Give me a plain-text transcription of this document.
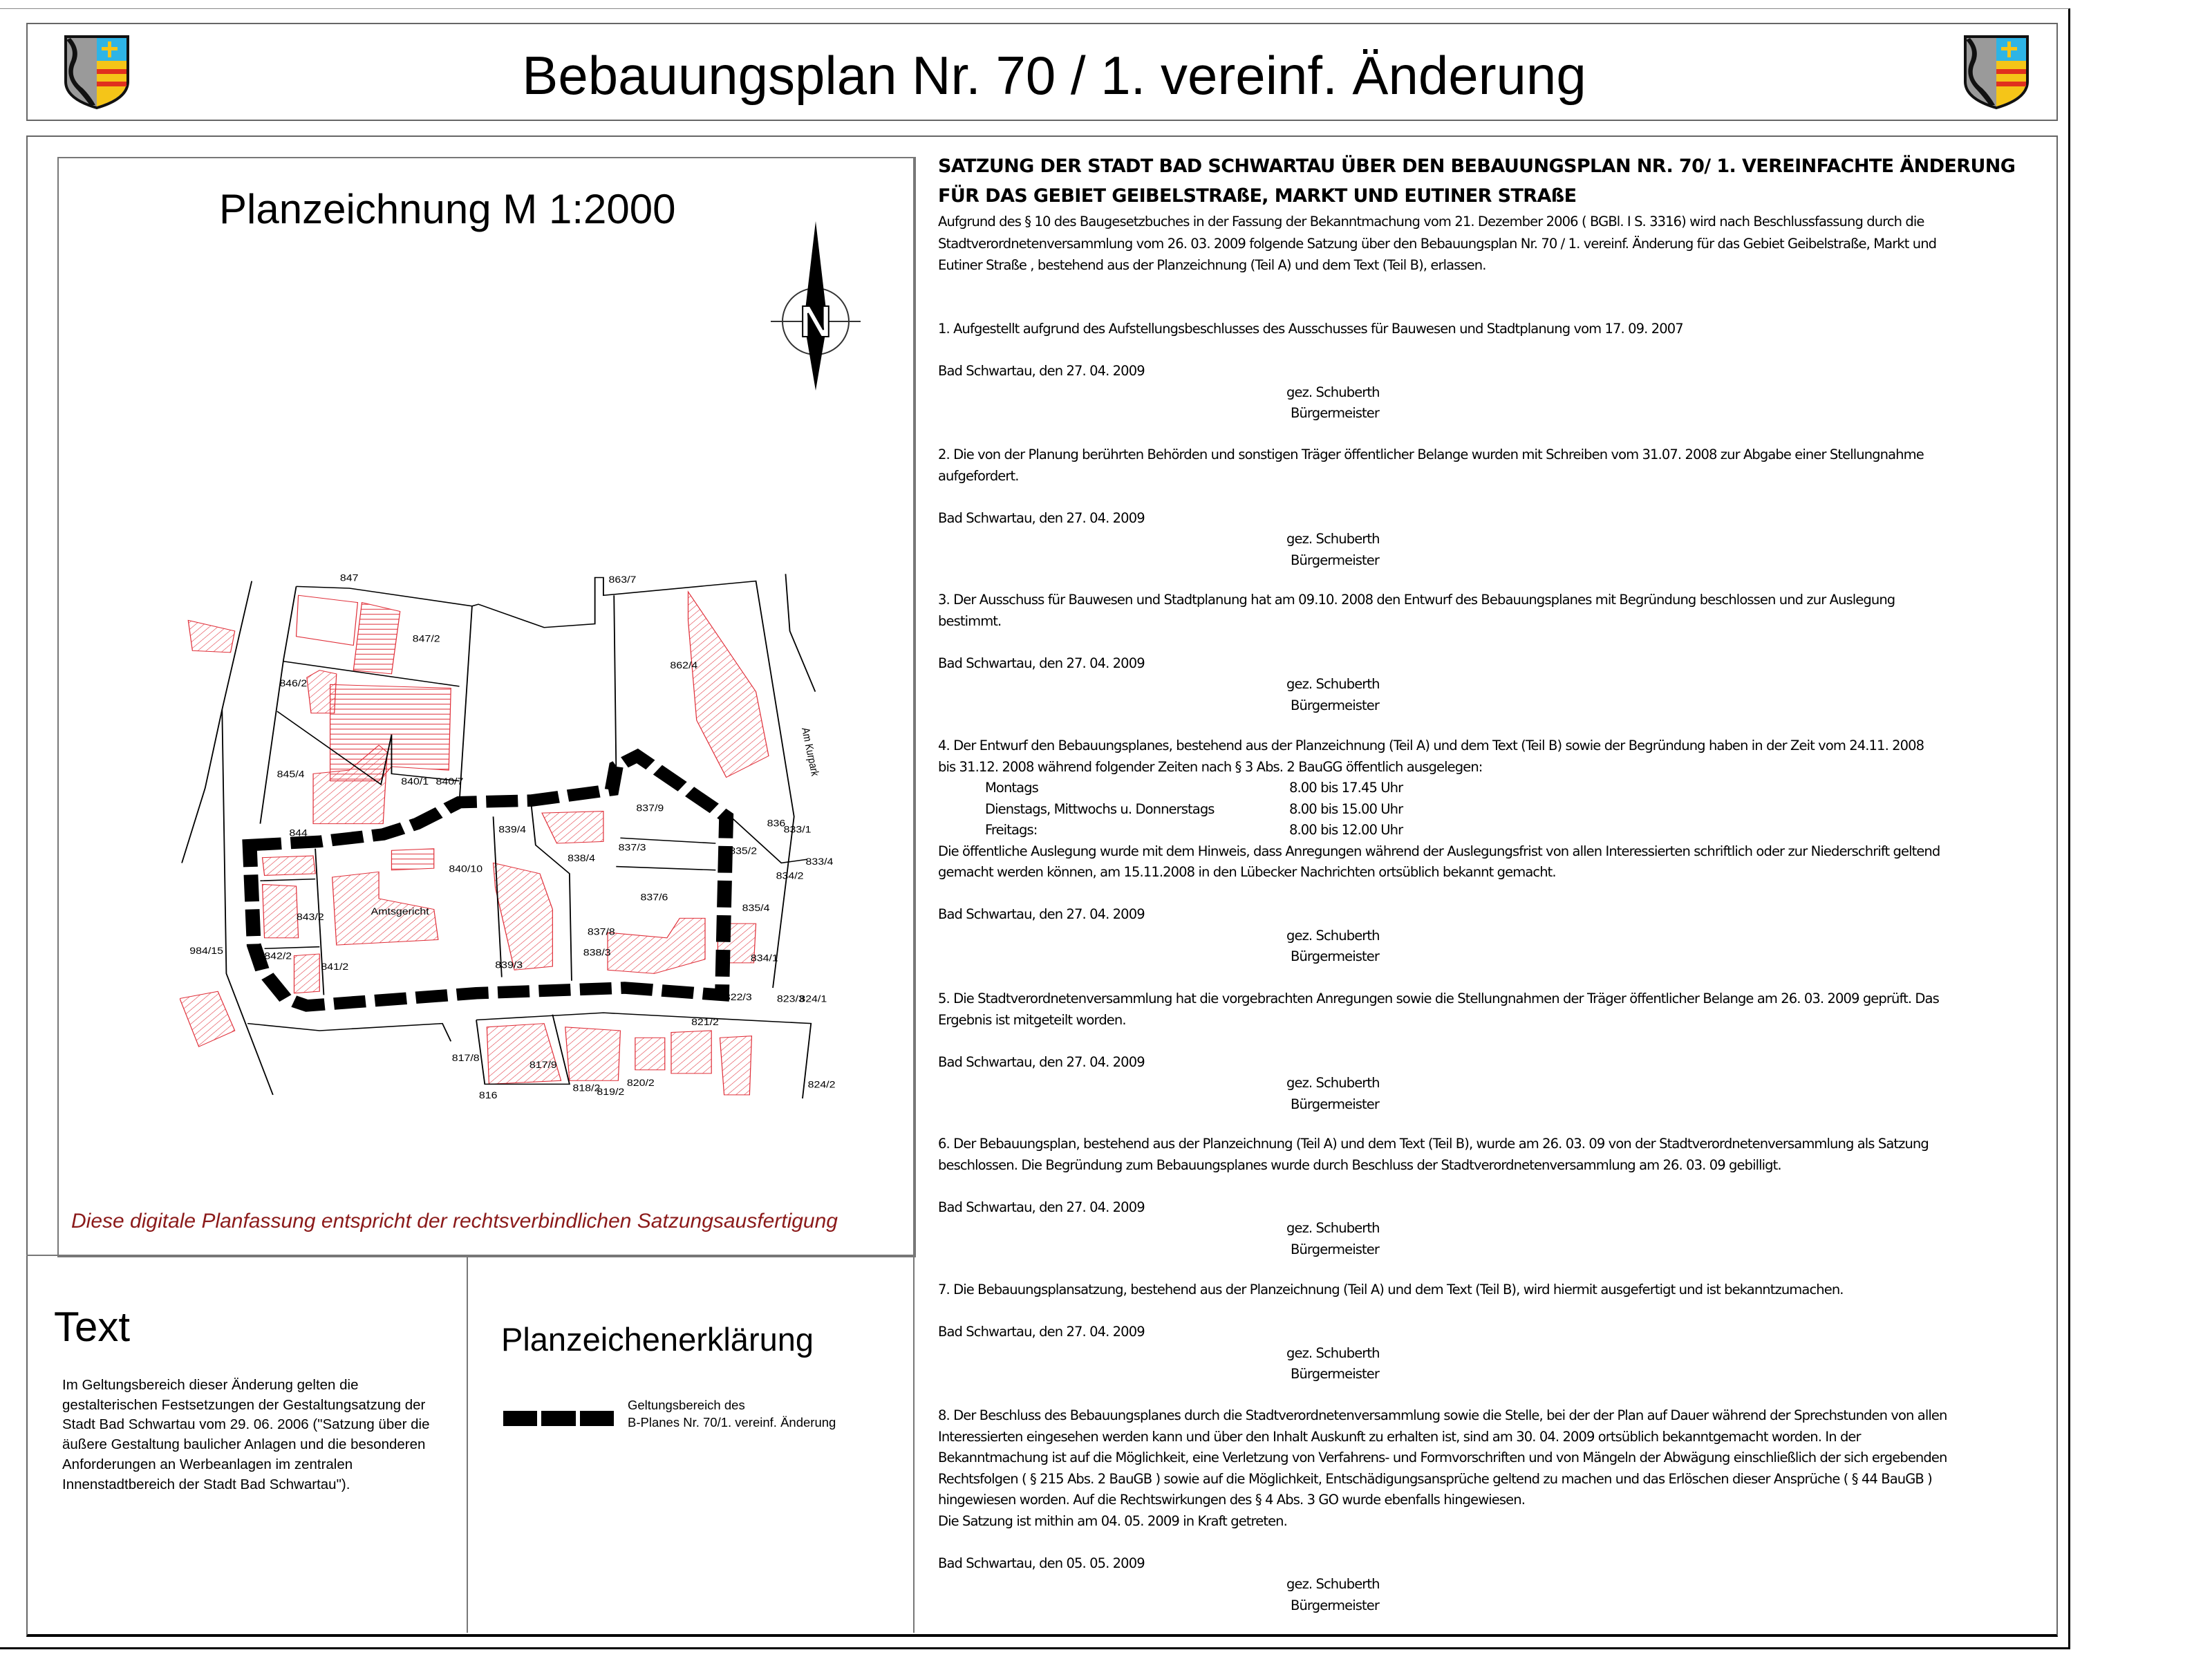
Bebauungsplan Nr. 70 / 1. vereinf. Änderung
Planzeichnung M 1:2000
N
847
847/2
863/7
862/4
846/2
845/4
840/1 840/7
844	839/4
840/10
838/4
837/9
837/3
836
833/1
835/2
833/4
834/2
837/6
835/4
843/2
837/8
838/3
834/1
984/15
842/2
841/2	839/3
822/3 823/3
824/1
821/2
817/8
817/9
816
818/2
819/2
820/2	824/2
Amtsgericht
Am Kurpark
Diese digitale Planfassung entspricht der rechtsverbindlichen Satzungsausfertigung
Text
Im Geltungsbereich dieser Änderung gelten die gestalterischen Festsetzungen der Gestaltungsatzung der Stadt Bad Schwartau vom 29. 06. 2006 ("Satzung über die äußere Gestaltung baulicher Anlagen und die besonderen Anforderungen an Werbeanlagen im zentralen Innenstadtbereich der Stadt Bad Schwartau").
Planzeichenerklärung
Geltungsbereich des
B-Planes Nr. 70/1. vereinf. Änderung
SATZUNG DER STADT BAD SCHWARTAU ÜBER DEN BEBAUUNGSPLAN NR. 70/ 1. VEREINFACHTE ÄNDERUNG
FÜR DAS GEBIET GEIBELSTRAßE, MARKT UND EUTINER STRAßE
Aufgrund des § 10 des Baugesetzbuches in der Fassung der Bekanntmachung vom 21. Dezember 2006 ( BGBl. I S. 3316) wird nach Beschlussfassung durch die
Stadtverordnetenversammlung vom 26. 03. 2009 folgende Satzung über den Bebauungsplan Nr. 70 / 1. vereinf. Änderung für das Gebiet Geibelstraße, Markt und
Eutiner Straße , bestehend aus der Planzeichnung (Teil A) und dem Text (Teil B), erlassen.
1. Aufgestellt aufgrund des Aufstellungsbeschlusses des Ausschusses für Bauwesen und Stadtplanung vom 17. 09. 2007
Bad Schwartau, den 27. 04. 2009
gez. Schuberth
Bürgermeister
2. Die von der Planung berührten Behörden und sonstigen Träger öffentlicher Belange wurden mit Schreiben vom 31.07. 2008 zur Abgabe einer Stellungnahme
aufgefordert.
Bad Schwartau, den 27. 04. 2009
gez. Schuberth
Bürgermeister
3. Der Ausschuss für Bauwesen und Stadtplanung hat am 09.10. 2008 den Entwurf des Bebauungsplanes mit Begründung beschlossen und zur Auslegung
bestimmt.
Bad Schwartau, den 27. 04. 2009
gez. Schuberth
Bürgermeister
4. Der Entwurf den Bebauungsplanes, bestehend aus der Planzeichnung (Teil A) und dem Text (Teil B) sowie der Begründung haben in der Zeit vom 24.11. 2008
bis 31.12. 2008 während folgender Zeiten nach § 3 Abs. 2 BauGG öffentlich ausgelegen:
Montags	8.00 bis 17.45 Uhr
Dienstags, Mittwochs u. Donnerstags	8.00 bis 15.00 Uhr
Freitags:	8.00 bis 12.00 Uhr
Die öffentliche Auslegung wurde mit dem Hinweis, dass Anregungen während der Auslegungsfrist von allen Interessierten schriftlich oder zur Niederschrift geltend
gemacht werden können, am 15.11.2008 in den Lübecker Nachrichten ortsüblich bekannt gemacht.
Bad Schwartau, den 27. 04. 2009
gez. Schuberth
Bürgermeister
5. Die Stadtverordnetenversammlung hat die vorgebrachten Anregungen sowie die Stellungnahmen der Träger öffentlicher Belange am 26. 03. 2009 geprüft. Das
Ergebnis ist mitgeteilt worden.
Bad Schwartau, den 27. 04. 2009
gez. Schuberth
Bürgermeister
6. Der Bebauungsplan, bestehend aus der Planzeichnung (Teil A) und dem Text (Teil B), wurde am 26. 03. 09 von der Stadtverordnetenversammlung als Satzung
beschlossen. Die Begründung zum Bebauungsplanes wurde durch Beschluss der Stadtverordnetenversammlung am 26. 03. 09 gebilligt.
Bad Schwartau, den 27. 04. 2009
gez. Schuberth
Bürgermeister
7. Die Bebauungsplansatzung, bestehend aus der Planzeichnung (Teil A) und dem Text (Teil B), wird hiermit ausgefertigt und ist bekanntzumachen.
Bad Schwartau, den 27. 04. 2009
gez. Schuberth
Bürgermeister
8. Der Beschluss des Bebauungsplanes durch die Stadtverordnetenversammlung sowie die Stelle, bei der der Plan auf Dauer während der Sprechstunden von allen
Interessierten eingesehen werden kann und über den Inhalt Auskunft zu erhalten ist, sind am 30. 04. 2009 ortsüblich bekanntgemacht worden. In der
Bekanntmachung ist auf die Möglichkeit, eine Verletzung von Verfahrens- und Formvorschriften und von Mängeln der Abwägung einschließlich der sich ergebenden
Rechtsfolgen ( § 215 Abs. 2 BauGB ) sowie auf die Möglichkeit, Entschädigungsansprüche geltend zu machen und das Erlöschen dieser Ansprüche ( § 44 BauGB )
hingewiesen worden. Auf die Rechtswirkungen des § 4 Abs. 3 GO wurde ebenfalls hingewiesen.
Die Satzung ist mithin am 04. 05. 2009 in Kraft getreten.
Bad Schwartau, den 05. 05. 2009
gez. Schuberth
Bürgermeister
